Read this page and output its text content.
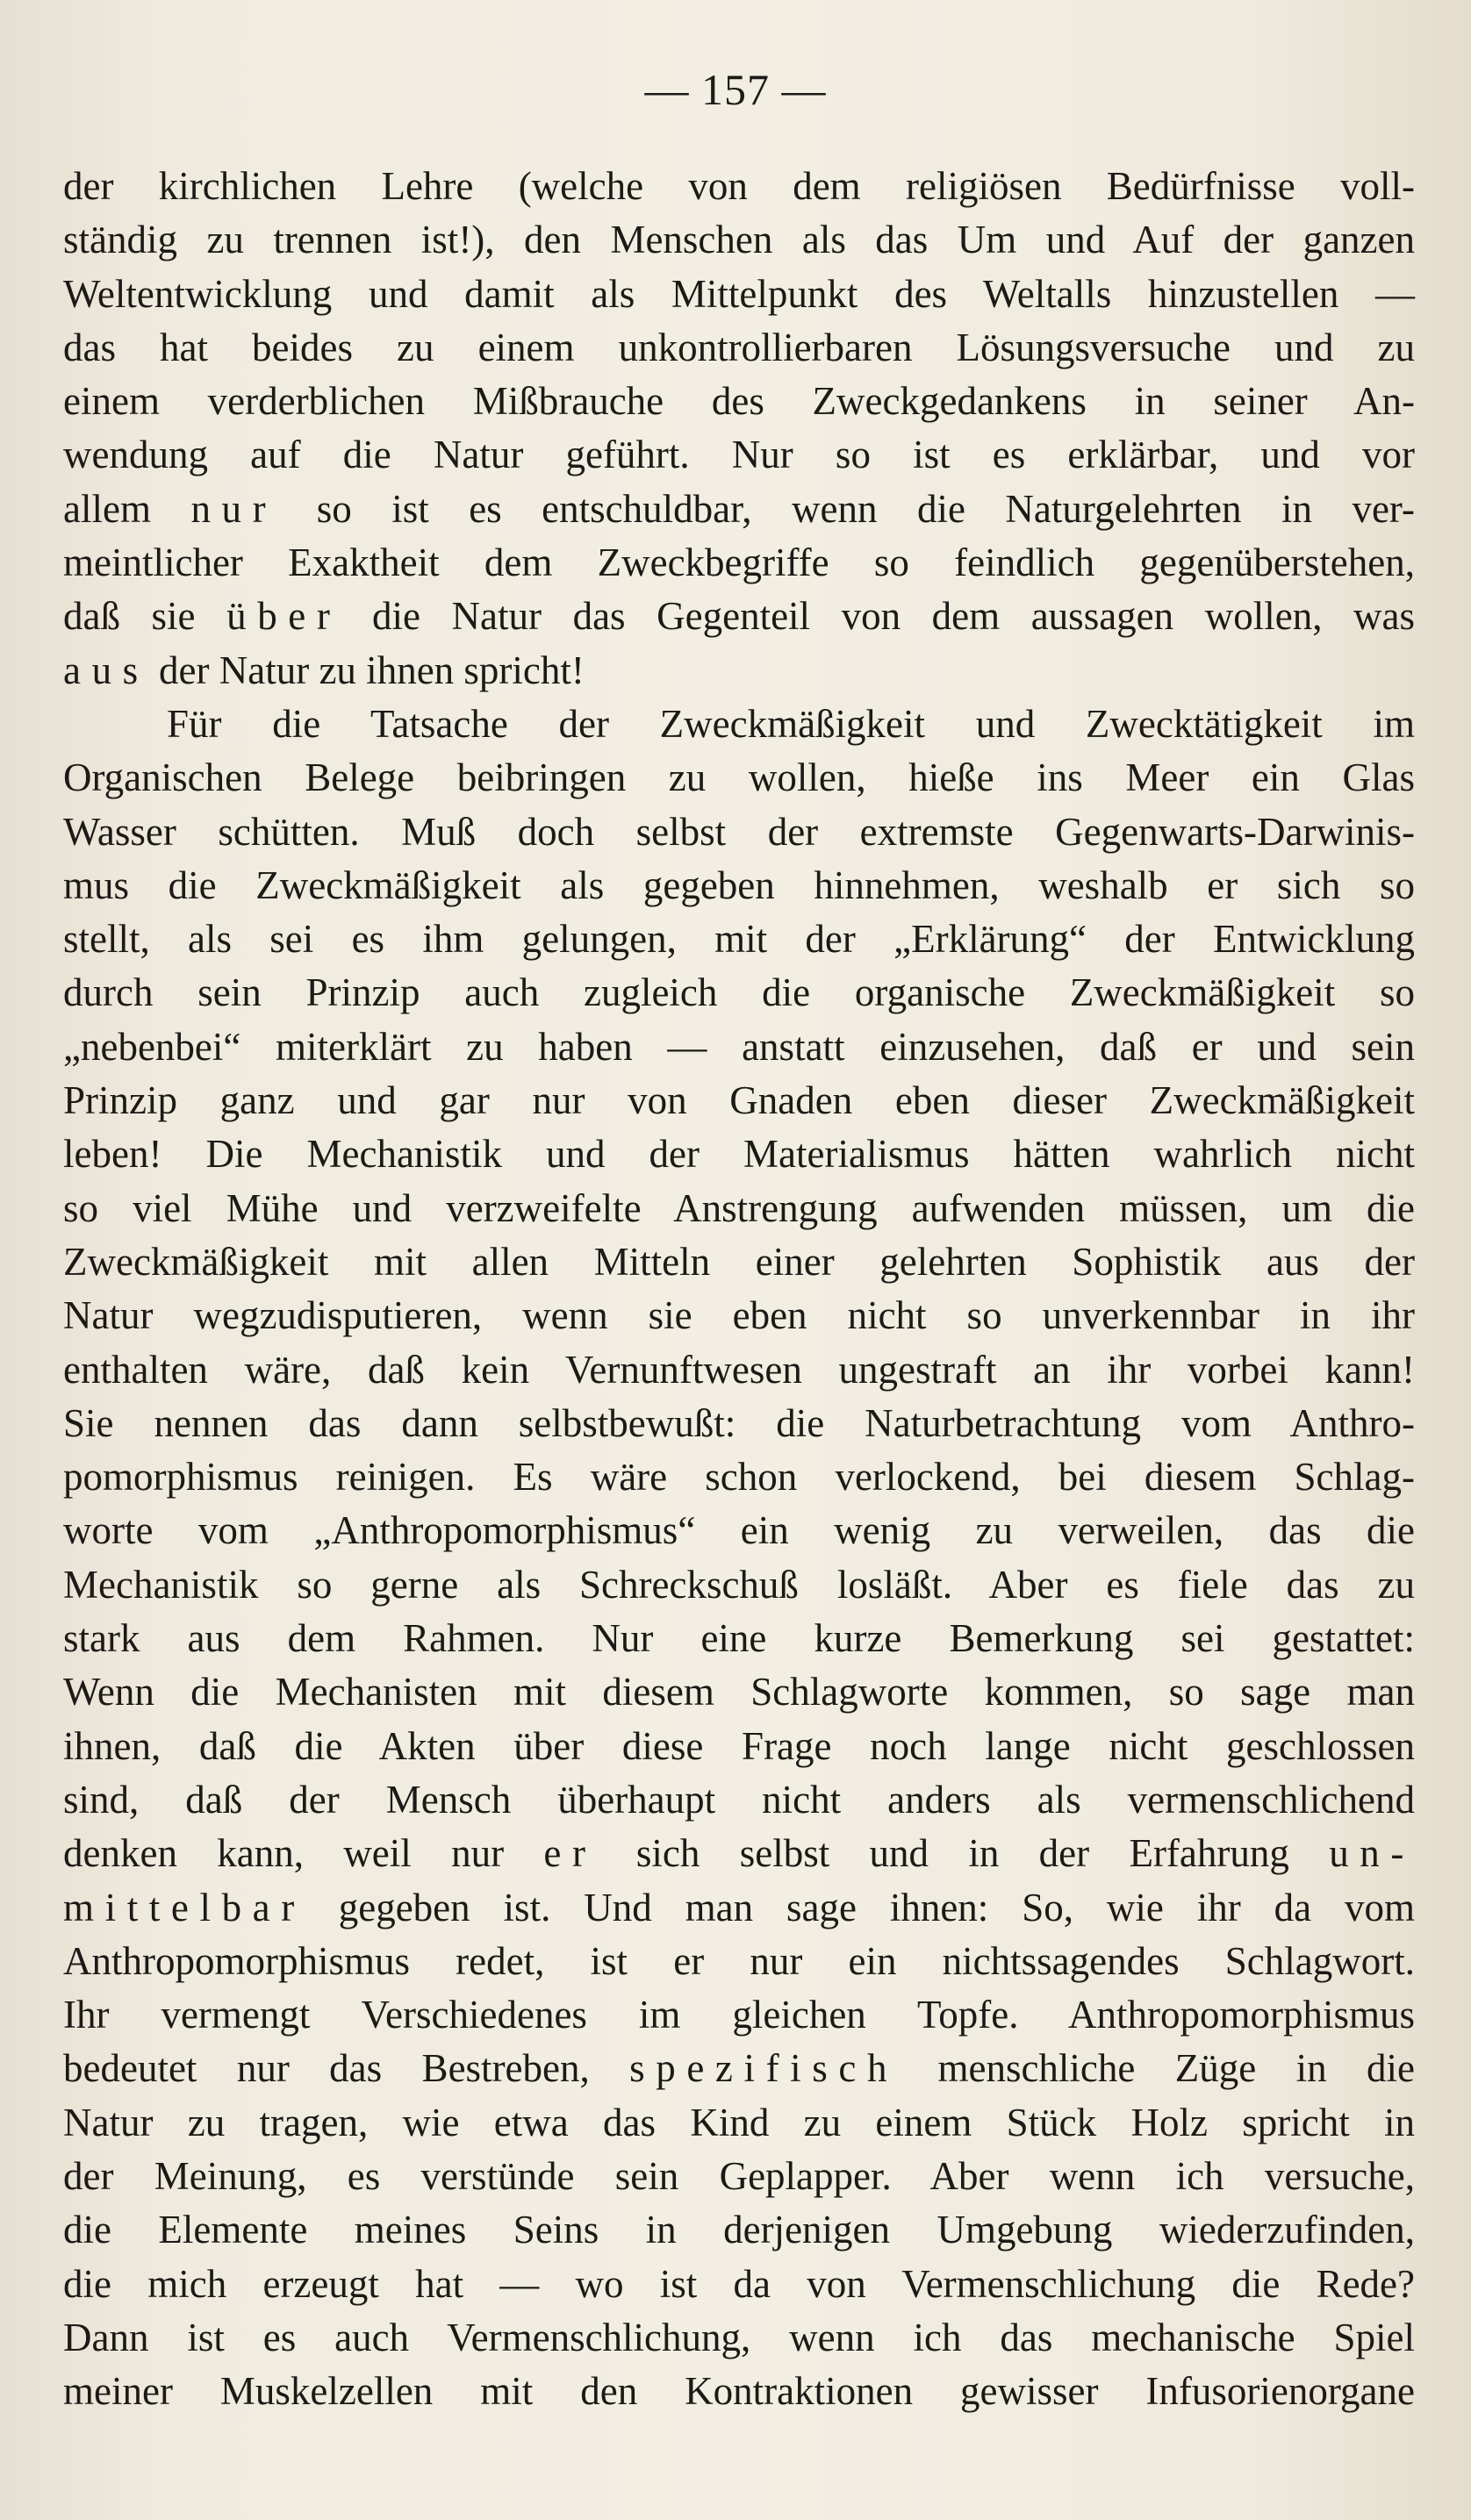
— 157 —
der kirchlichen Lehre (welche von dem religiösen Bedürfnisse voll-
ständig zu trennen ist!), den Menschen als das Um und Auf der ganzen
Weltentwicklung und damit als Mittelpunkt des Weltalls hinzustellen —
das hat beides zu einem unkontrollierbaren Lösungsversuche und zu
einem verderblichen Mißbrauche des Zweckgedankens in seiner An-
wendung auf die Natur geführt. Nur so ist es erklärbar, und vor
allem nur so ist es entschuldbar, wenn die Naturgelehrten in ver-
meintlicher Exaktheit dem Zweckbegriffe so feindlich gegenüberstehen,
daß sie über die Natur das Gegenteil von dem aussagen wollen, was
aus der Natur zu ihnen spricht!
Für die Tatsache der Zweckmäßigkeit und Zwecktätigkeit im
Organischen Belege beibringen zu wollen, hieße ins Meer ein Glas
Wasser schütten. Muß doch selbst der extremste Gegenwarts-Darwinis-
mus die Zweckmäßigkeit als gegeben hinnehmen, weshalb er sich so
stellt, als sei es ihm gelungen, mit der „Erklärung“ der Entwicklung
durch sein Prinzip auch zugleich die organische Zweckmäßigkeit so
„nebenbei“ miterklärt zu haben — anstatt einzusehen, daß er und sein
Prinzip ganz und gar nur von Gnaden eben dieser Zweckmäßigkeit
leben! Die Mechanistik und der Materialismus hätten wahrlich nicht
so viel Mühe und verzweifelte Anstrengung aufwenden müssen, um die
Zweckmäßigkeit mit allen Mitteln einer gelehrten Sophistik aus der
Natur wegzudisputieren, wenn sie eben nicht so unverkennbar in ihr
enthalten wäre, daß kein Vernunftwesen ungestraft an ihr vorbei kann!
Sie nennen das dann selbstbewußt: die Naturbetrachtung vom Anthro-
pomorphismus reinigen. Es wäre schon verlockend, bei diesem Schlag-
worte vom „Anthropomorphismus“ ein wenig zu verweilen, das die
Mechanistik so gerne als Schreckschuß losläßt. Aber es fiele das zu
stark aus dem Rahmen. Nur eine kurze Bemerkung sei gestattet:
Wenn die Mechanisten mit diesem Schlagworte kommen, so sage man
ihnen, daß die Akten über diese Frage noch lange nicht geschlossen
sind, daß der Mensch überhaupt nicht anders als vermenschlichend
denken kann, weil nur er sich selbst und in der Erfahrung un-
mittelbar gegeben ist. Und man sage ihnen: So, wie ihr da vom
Anthropomorphismus redet, ist er nur ein nichtssagendes Schlagwort.
Ihr vermengt Verschiedenes im gleichen Topfe. Anthropomorphismus
bedeutet nur das Bestreben, spezifisch menschliche Züge in die
Natur zu tragen, wie etwa das Kind zu einem Stück Holz spricht in
der Meinung, es verstünde sein Geplapper. Aber wenn ich versuche,
die Elemente meines Seins in derjenigen Umgebung wiederzufinden,
die mich erzeugt hat — wo ist da von Vermenschlichung die Rede?
Dann ist es auch Vermenschlichung, wenn ich das mechanische Spiel
meiner Muskelzellen mit den Kontraktionen gewisser Infusorienorgane
